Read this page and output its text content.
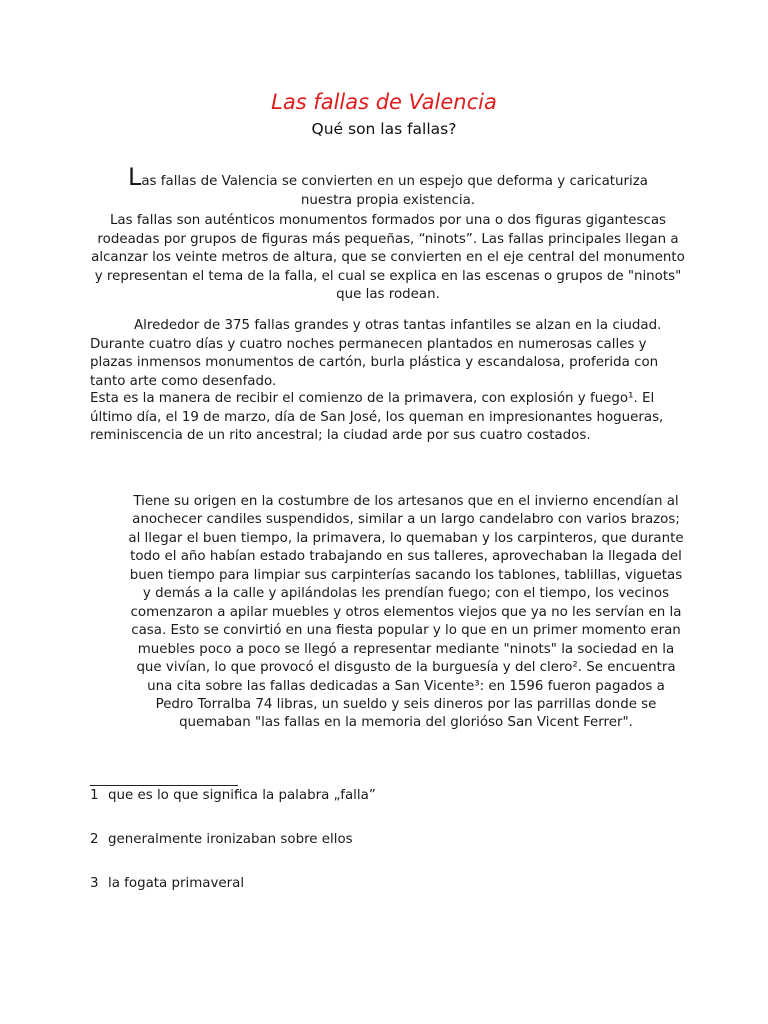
Las fallas de Valencia
Qué son las fallas?

Las fallas de Valencia se convierten en un espejo que deforma y caricaturiza
nuestra propia existencia.

Las fallas son auténticos monumentos formados por una o dos figuras gigantescas rodeadas por grupos de figuras más pequeñas, “ninots”. Las fallas principales llegan a alcanzar los veinte metros de altura, que se convierten en el eje central del monumento y representan el tema de la falla, el cual se explica en las escenas o grupos de "ninots" que las rodean.

Alrededor de 375 fallas grandes y otras tantas infantiles se alzan en la ciudad. Durante cuatro días y cuatro noches permanecen plantados en numerosas calles y plazas inmensos monumentos de cartón, burla plástica y escandalosa, proferida con tanto arte como desenfado.

Esta es la manera de recibir el comienzo de la primavera, con explosión y fuego¹. El último día, el 19 de marzo, día de San José, los queman en impresionantes hogueras, reminiscencia de un rito ancestral; la ciudad arde por sus cuatro costados.

Tiene su origen en la costumbre de los artesanos que en el invierno encendían al anochecer candiles suspendidos, similar a un largo candelabro con varios brazos; al llegar el buen tiempo, la primavera, lo quemaban y los carpinteros, que durante todo el año habían estado trabajando en sus talleres, aprovechaban la llegada del buen tiempo para limpiar sus carpinterías sacando los tablones, tablillas, viguetas y demás a la calle y apilándolas les prendían fuego; con el tiempo, los vecinos comenzaron a apilar muebles y otros elementos viejos que ya no les servían en la casa. Esto se convirtió en una fiesta popular y lo que en un primer momento eran muebles poco a poco se llegó a representar mediante "ninots" la sociedad en la que vivían, lo que provocó el disgusto de la burguesía y del clero². Se encuentra una cita sobre las fallas dedicadas a San Vicente³: en 1596 fueron pagados a Pedro Torralba 74 libras, un sueldo y seis dineros por las parrillas donde se quemaban "las fallas en la memoria del glorióso San Vicent Ferrer".

1 que es lo que significa la palabra „falla”

2 generalmente ironizaban sobre ellos

3 la fogata primaveral
